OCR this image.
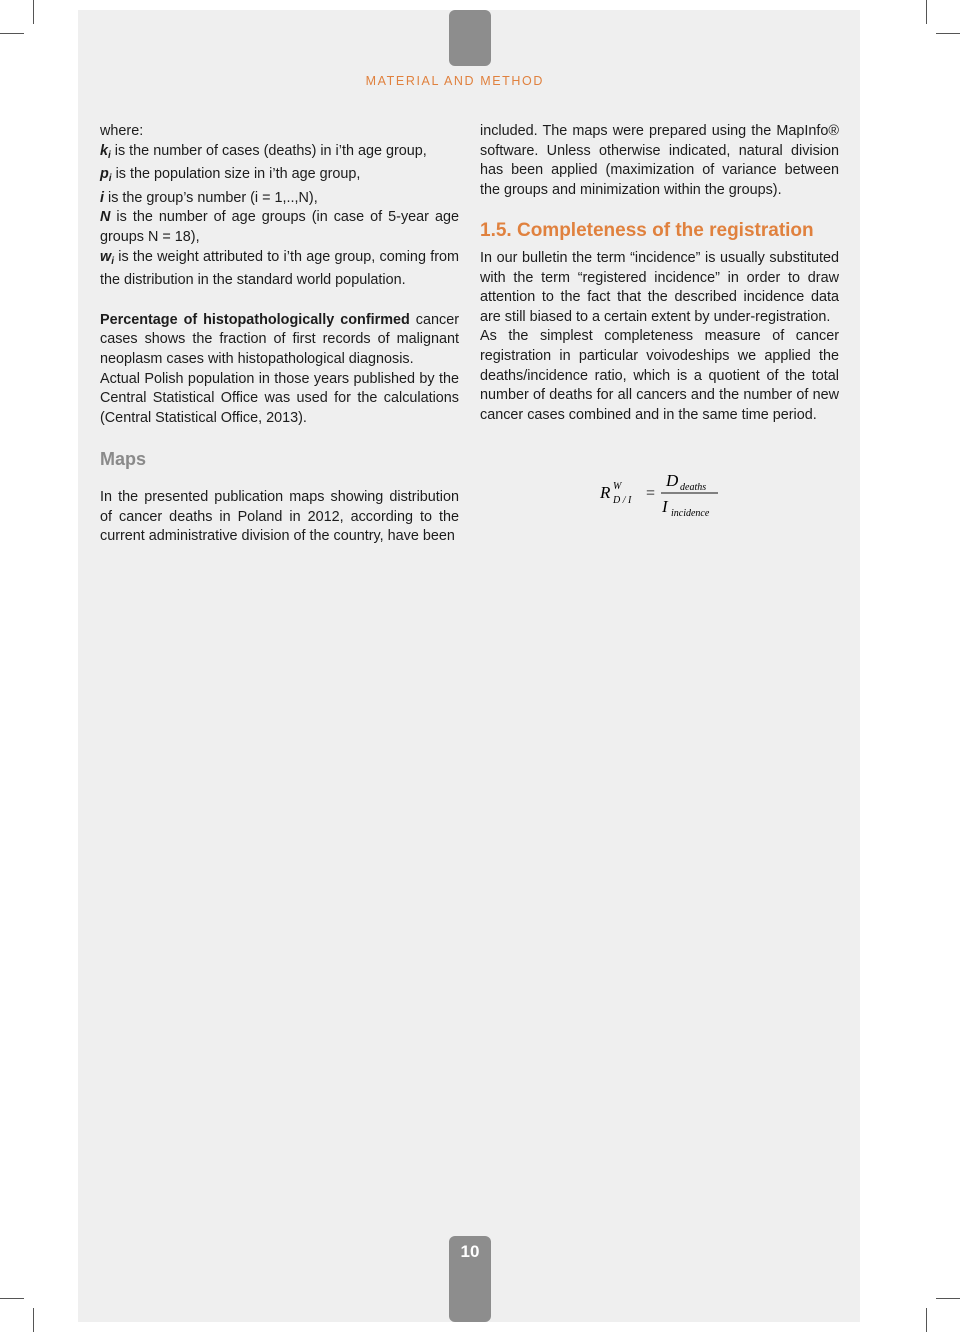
MATERIAL AND METHOD
where:

$k_i$ is the number of cases (deaths) in i’th age group,

$p_i$ is the population size in i’th age group,

i is the group’s number (i = 1,..,N),

N is the number of age groups (in case of 5-year age groups N = 18),

$w_i$ is the weight attributed to i’th age group, coming from the distribution in the standard world population.

Percentage of histopathologically confirmed cancer cases shows the fraction of first records of malignant neoplasm cases with histopathological diagnosis.

Actual Polish population in those years published by the Central Statistical Office was used for the calculations (Central Statistical Office, 2013).

Maps

In the presented publication maps showing distribution of cancer deaths in Poland in 2012, according to the current administrative division of the country, have been

included. The maps were prepared using the MapInfo® software. Unless otherwise indicated, natural division has been applied (maximization of variance between the groups and minimization within the groups).

1.5. Completeness of the registration

In our bulletin the term “incidence” is usually substituted with the term “registered incidence” in order to draw attention to the fact that the described incidence data are still biased to a certain extent by under-registration.

As the simplest completeness measure of cancer registration in particular voivodeships we applied the deaths/incidence ratio, which is a quotient of the total number of deaths for all cancers and the number of new cancer cases combined and in the same time period.

R W
D / I =
D deaths
I incidence
10
